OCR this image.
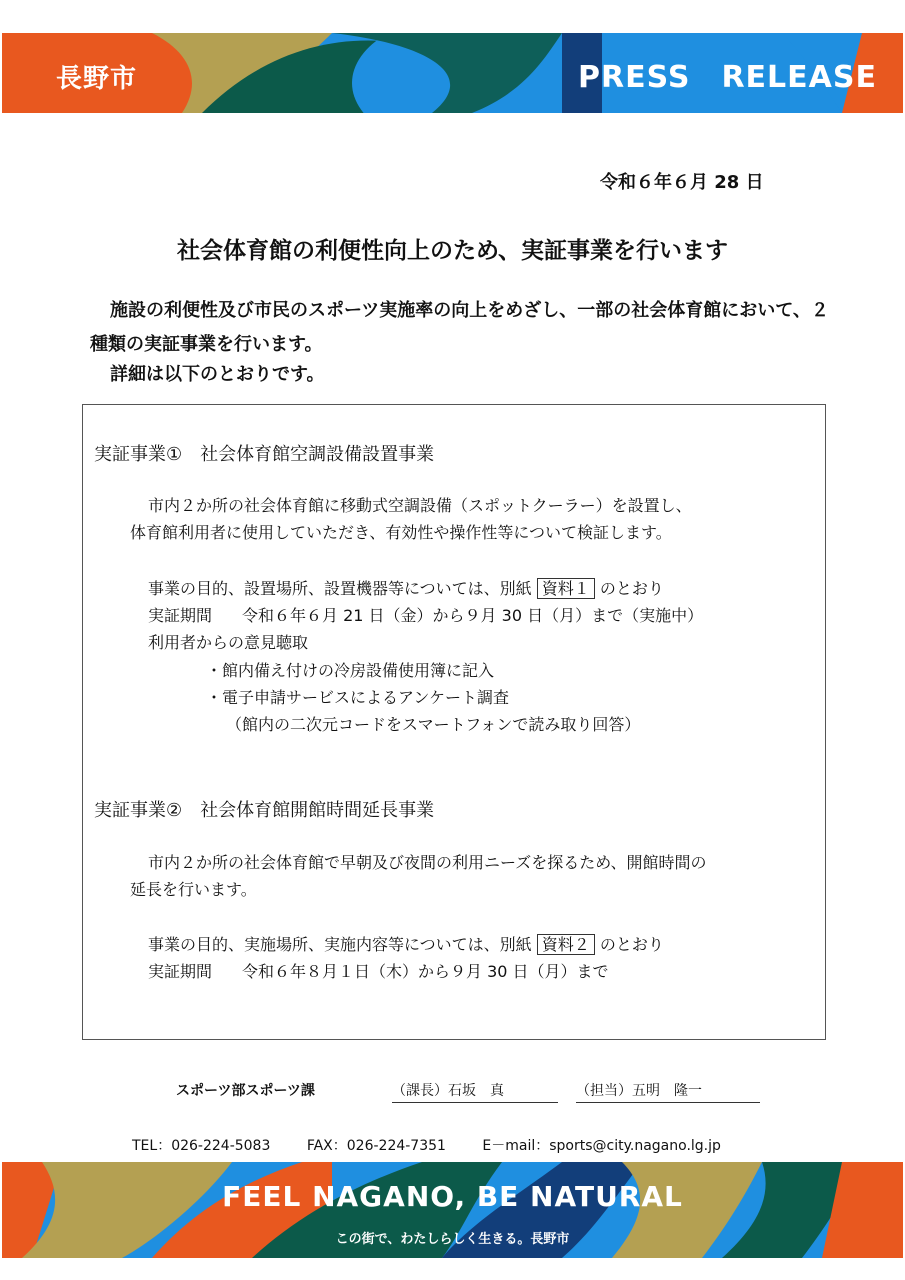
長野市	PRESS　RELEASE
令和６年６月 28 日
社会体育館の利便性向上のため、実証事業を行います
施設の利便性及び市民のスポーツ実施率の向上をめざし、一部の社会体育館において、２種類の実証事業を行います。
詳細は以下のとおりです。
実証事業①　社会体育館空調設備設置事業
市内２か所の社会体育館に移動式空調設備（スポットクーラー）を設置し、
体育館利用者に使用していただき、有効性や操作性等について検証します。
事業の目的、設置場所、設置機器等については、別紙 資料１ のとおり
実証期間 令和６年６月 21 日（金）から９月 30 日（月）まで（実施中）
利用者からの意見聴取
・館内備え付けの冷房設備使用簿に記入
・電子申請サービスによるアンケート調査
（館内の二次元コードをスマートフォンで読み取り回答）
実証事業②　社会体育館開館時間延長事業
市内２か所の社会体育館で早朝及び夜間の利用ニーズを探るため、開館時間の
延長を行います。
事業の目的、実施場所、実施内容等については、別紙 資料２ のとおり
実証期間 令和６年８月１日（木）から９月 30 日（月）まで
スポーツ部スポーツ課	（課長）石坂　真	（担当）五明　隆一
TEL：026-224-5083	FAX：026-224-7351	E－mail：sports@city.nagano.lg.jp
FEEL NAGANO, BE NATURAL
この街で、わたしらしく生きる。長野市
